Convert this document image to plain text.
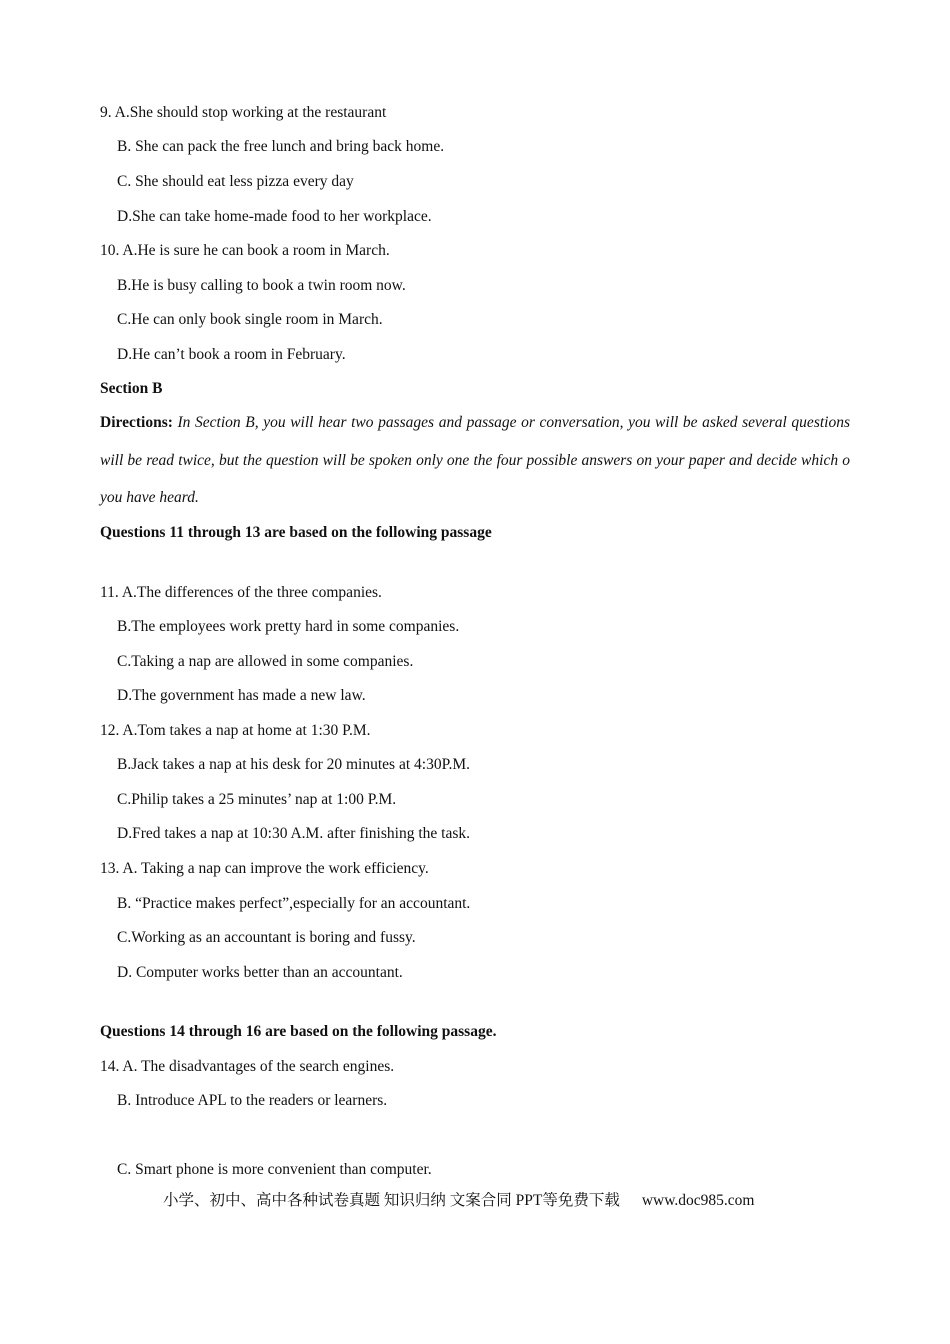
9. A.She should stop working at the restaurant
B. She can pack the free lunch and bring back home.
C. She should eat less pizza every day
D.She can take home-made food to her workplace.
10. A.He is sure he can book a room in March.
B.He is busy calling to book a twin room now.
C.He can only book single room in March.
D.He can’t book a room in February.
Section B
Directions: In Section B, you will hear two passages and passage or conversation, you will be asked several questions will be read twice, but the question will be spoken only one the four possible answers on your paper and decide which o you have heard.
Questions 11 through 13 are based on the following passage
11. A.The differences of the three companies.
B.The employees work pretty hard in some companies.
C.Taking a nap are allowed in some companies.
D.The government has made a new law.
12. A.Tom takes a nap at home at 1:30 P.M.
B.Jack takes a nap at his desk for 20 minutes at 4:30P.M.
C.Philip takes a 25 minutes’ nap at 1:00 P.M.
D.Fred takes a nap at 10:30 A.M. after finishing the task.
13. A. Taking a nap can improve the work efficiency.
B. “Practice makes perfect”,especially for an accountant.
C.Working as an accountant is boring and fussy.
D. Computer works better than an accountant.
Questions 14 through 16 are based on the following passage.
14. A. The disadvantages of the search engines.
B. Introduce APL to the readers or learners.
C. Smart phone is more convenient than computer.
小学、初中、高中各种试卷真题 知识归纳 文案合同 PPT等免费下载 www.doc985.com
